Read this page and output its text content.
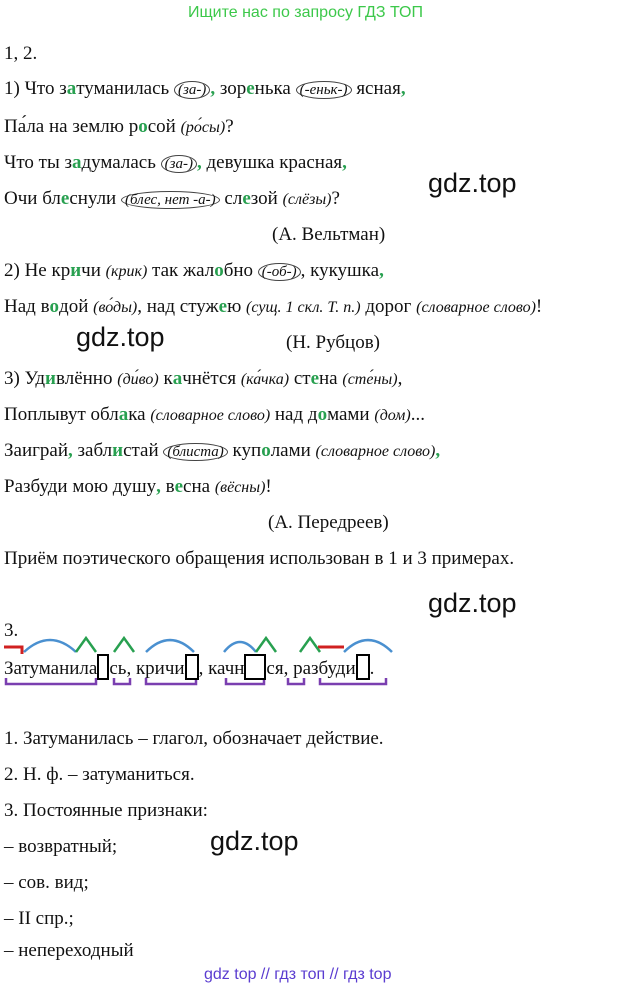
Ищите нас по запросу ГДЗ ТОП
1, 2.
1) Что затуманилась (за-) , зоренька (-еньк-) ясная,
Па́ла на землю росой (ро́сы)?
Что ты задумалась (за-) , девушка красная,
Очи блеснули (блес, нет -а-) слезой (слёзы)?
(А. Вельтман)
2) Не кричи (крик) так жалобно (-об-) , кукушка,
Над водой (во́ды), над стужею (сущ. 1 скл. Т. п.) дорог (словарное слово)!
(Н. Рубцов)
3) Удивлённо (ди́во) качнётся (ка́чка) стена (сте́ны),
Поплывут облака (словарное слово) над домами (дом)...
Заиграй, заблистай (блиста) куполами (словарное слово),
Разбуди мою душу, весна (вёсны)!
(А. Передреев)
Приём поэтического обращения использован в 1 и 3 примерах.
3.
Затуманила сь, кричи , качн ся, разбуди .
1. Затуманилась – глагол, обозначает действие.
2. Н. ф. – затуманиться.
3. Постоянные признаки:
– возвратный;
– сов. вид;
– II спр.;
– непереходный
gdz.top
gdz.top
gdz.top
gdz.top
gdz top // гдз топ // гдз top
